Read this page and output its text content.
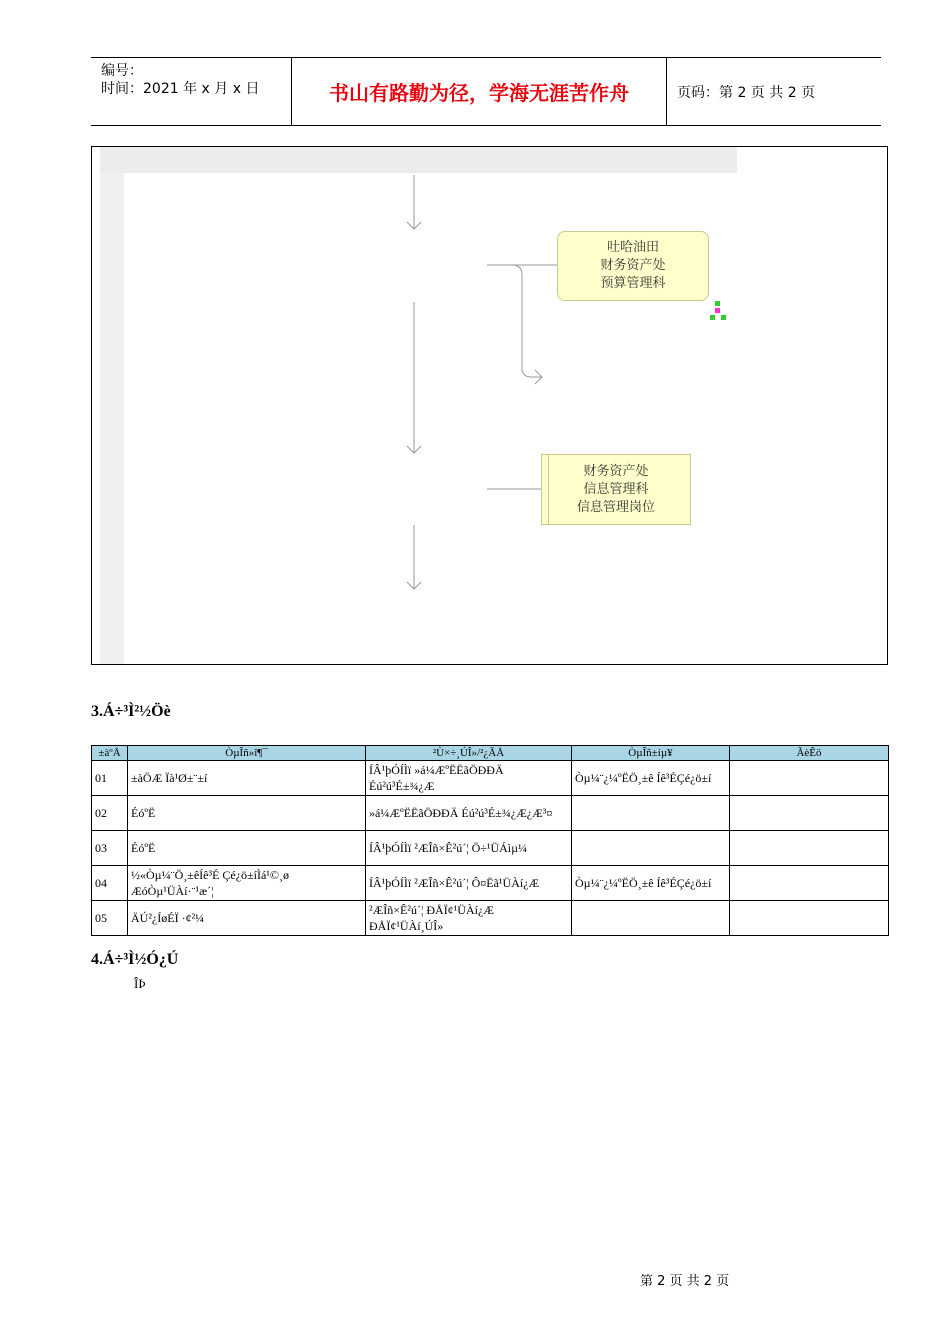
编号：
时间：2021 年 x 月 x 日	书山有路勤为径，学海无涯苦作舟	页码：第 2 页 共 2 页
吐哈油田
财务资产处
预算管理科
财务资产处
信息管理科
信息管理岗位
3.Á÷³Ì²½Öè
±àºÅ	ÒµÎñ»î¶¯	²Ù×÷¸ÚÎ»/²¿ÃÅ	ÒµÎñ±íµ¥	ÃèÊö
01	±àÖÆ Ïà¹Ø±¨±í	ÍÂ¹þÓÍÌï »á¼ÆºËËãÖÐÐÄ Éú²ú³É±¾¿Æ	Òµ¼¨¿¼ºËÖ¸±ê Íê³ÉÇé¿ö±í	
02	ÉóºË	»á¼ÆºËËãÖÐÐÄ Éú²ú³É±¾¿Æ¿Æ³¤		
03	ÉóºË	ÍÂ¹þÓÍÌï ²ÆÎñ×Ê²ú´¦ Ö÷¹ÜÁìµ¼		
04	½«Òµ¼¨Ö¸±êÍê³É Çé¿ö±íÌá¹©¸ø ÆóÒµ¹ÜÀí·¨¹æ´¦	ÍÂ¹þÓÍÌï ²ÆÎñ×Ê²ú´¦ Ô¤Ëã¹ÜÀí¿Æ	Òµ¼¨¿¼ºËÖ¸±ê Íê³ÉÇé¿ö±í	
05	ÄÚ²¿ÍøÉÏ ·¢²¼	²ÆÎñ×Ê²ú´¦ ÐÅÏ¢¹ÜÀí¿Æ ÐÅÏ¢¹ÜÀí¸ÚÎ»		
4.Á÷³Ì½Ó¿Ú
ÎÞ
第 2 页 共 2 页
